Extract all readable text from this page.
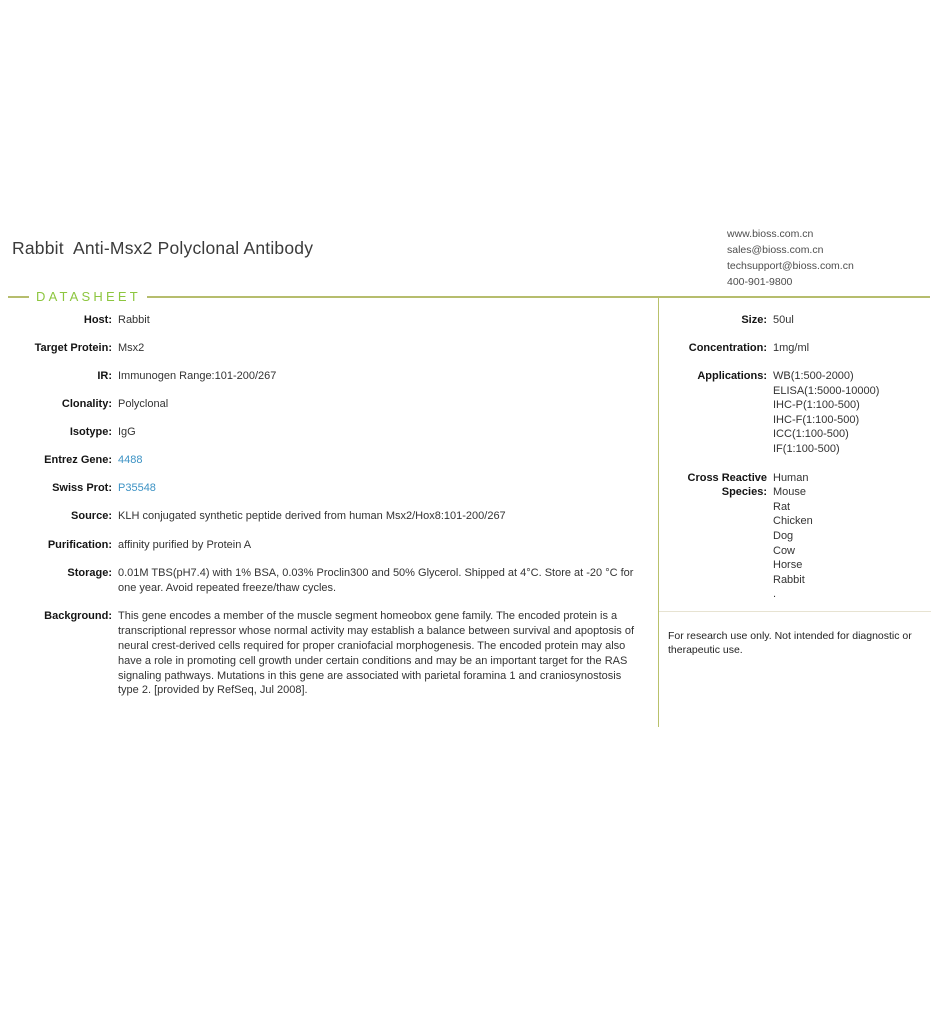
Rabbit  Anti-Msx2 Polyclonal Antibody
www.bioss.com.cn
sales@bioss.com.cn
techsupport@bioss.com.cn
400-901-9800
DATASHEET
Host: Rabbit
Target Protein: Msx2
IR: Immunogen Range:101-200/267
Clonality: Polyclonal
Isotype: IgG
Entrez Gene: 4488
Swiss Prot: P35548
Source: KLH conjugated synthetic peptide derived from human Msx2/Hox8:101-200/267
Purification: affinity purified by Protein A
Storage: 0.01M TBS(pH7.4) with 1% BSA, 0.03% Proclin300 and 50% Glycerol. Shipped at 4°C. Store at -20 °C for one year. Avoid repeated freeze/thaw cycles.
Background: This gene encodes a member of the muscle segment homeobox gene family. The encoded protein is a transcriptional repressor whose normal activity may establish a balance between survival and apoptosis of neural crest-derived cells required for proper craniofacial morphogenesis. The encoded protein may also have a role in promoting cell growth under certain conditions and may be an important target for the RAS signaling pathways. Mutations in this gene are associated with parietal foramina 1 and craniosynostosis type 2. [provided by RefSeq, Jul 2008].
Size: 50ul
Concentration: 1mg/ml
Applications: WB(1:500-2000)
ELISA(1:5000-10000)
IHC-P(1:100-500)
IHC-F(1:100-500)
ICC(1:100-500)
IF(1:100-500)
Cross Reactive
Species:
Human
Mouse
Rat
Chicken
Dog
Cow
Horse
Rabbit
.
For research use only. Not intended for diagnostic or therapeutic use.
